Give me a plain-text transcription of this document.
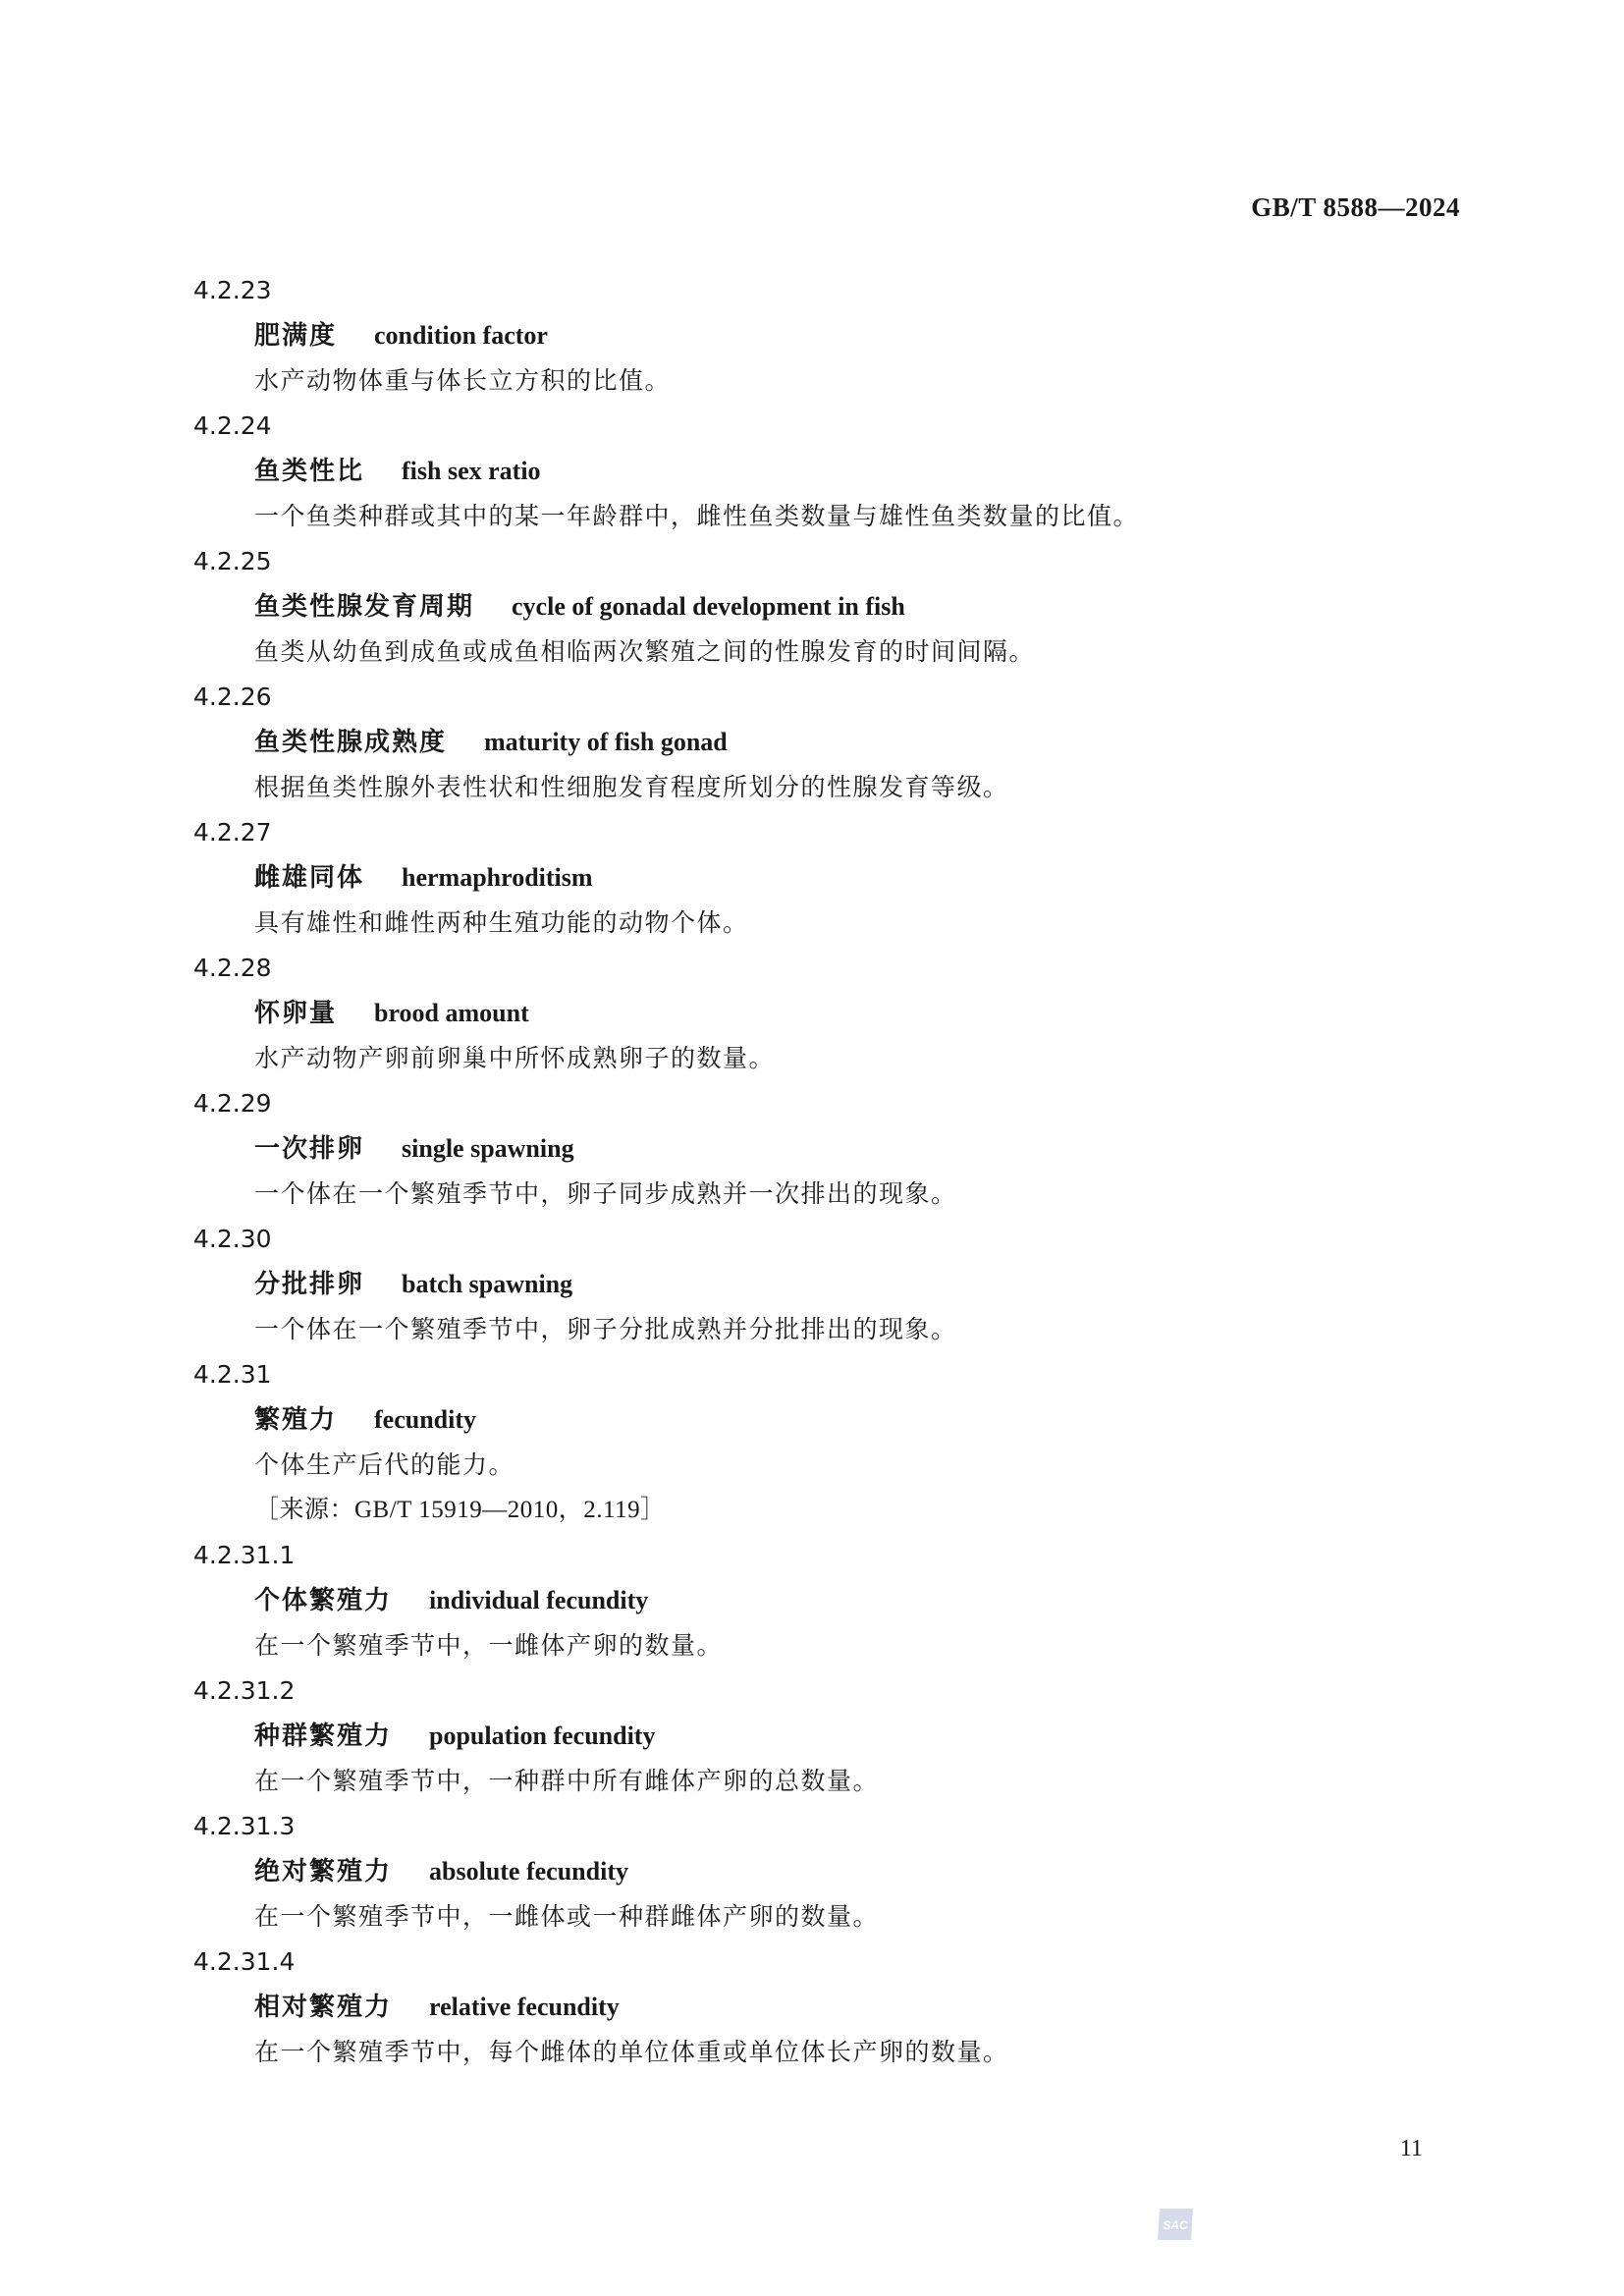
GB/T 8588—2024
4.2.23
肥满度 condition factor
水产动物体重与体长立方积的比值。
4.2.24
鱼类性比 fish sex ratio
一个鱼类种群或其中的某一年龄群中，雌性鱼类数量与雄性鱼类数量的比值。
4.2.25
鱼类性腺发育周期 cycle of gonadal development in fish
鱼类从幼鱼到成鱼或成鱼相临两次繁殖之间的性腺发育的时间间隔。
4.2.26
鱼类性腺成熟度 maturity of fish gonad
根据鱼类性腺外表性状和性细胞发育程度所划分的性腺发育等级。
4.2.27
雌雄同体 hermaphroditism
具有雄性和雌性两种生殖功能的动物个体。
4.2.28
怀卵量 brood amount
水产动物产卵前卵巢中所怀成熟卵子的数量。
4.2.29
一次排卵 single spawning
一个体在一个繁殖季节中，卵子同步成熟并一次排出的现象。
4.2.30
分批排卵 batch spawning
一个体在一个繁殖季节中，卵子分批成熟并分批排出的现象。
4.2.31
繁殖力 fecundity
个体生产后代的能力。
［来源：GB/T 15919—2010，2.119］
4.2.31.1
个体繁殖力 individual fecundity
在一个繁殖季节中，一雌体产卵的数量。
4.2.31.2
种群繁殖力 population fecundity
在一个繁殖季节中，一种群中所有雌体产卵的总数量。
4.2.31.3
绝对繁殖力 absolute fecundity
在一个繁殖季节中，一雌体或一种群雌体产卵的数量。
4.2.31.4
相对繁殖力 relative fecundity
在一个繁殖季节中，每个雌体的单位体重或单位体长产卵的数量。
11
SAC
